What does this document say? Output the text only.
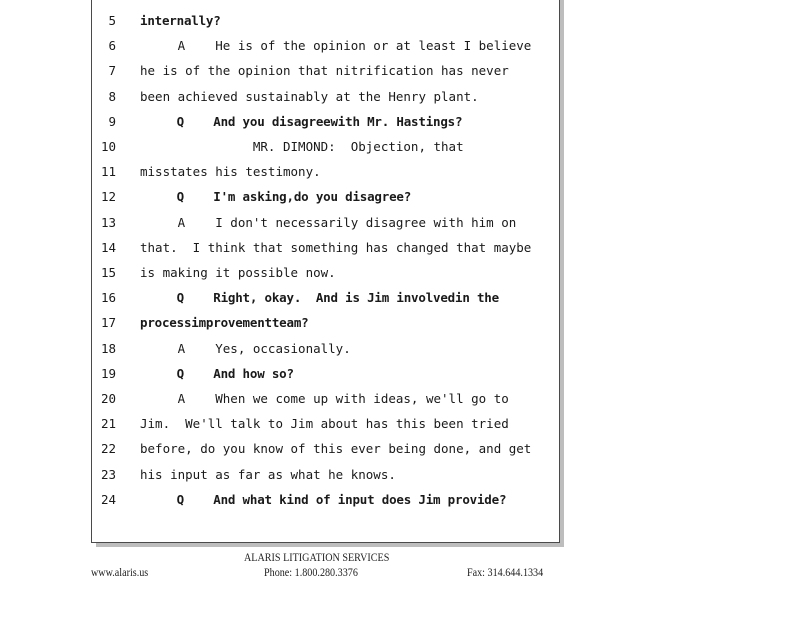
5 internally?
6 A    He is of the opinion or at least I believe
7 he is of the opinion that nitrification has never
8 been achieved sustainably at the Henry plant.
9 Q    And you disagreewith Mr. Hastings?
10 MR. DIMOND:  Objection, that
11 misstates his testimony.
12 Q    I'm asking,do you disagree?
13 A    I don't necessarily disagree with him on
14 that.  I think that something has changed that maybe
15 is making it possible now.
16 Q    Right, okay.  And is Jim involvedin the
17 processimprovementteam?
18 A    Yes, occasionally.
19 Q    And how so?
20 A    When we come up with ideas, we'll go to
21 Jim.  We'll talk to Jim about has this been tried
22 before, do you know of this ever being done, and get
23 his input as far as what he knows.
24 Q    And what kind of input does Jim provide?
ALARIS LITIGATION SERVICES
www.alaris.us	Phone: 1.800.280.3376	Fax: 314.644.1334
